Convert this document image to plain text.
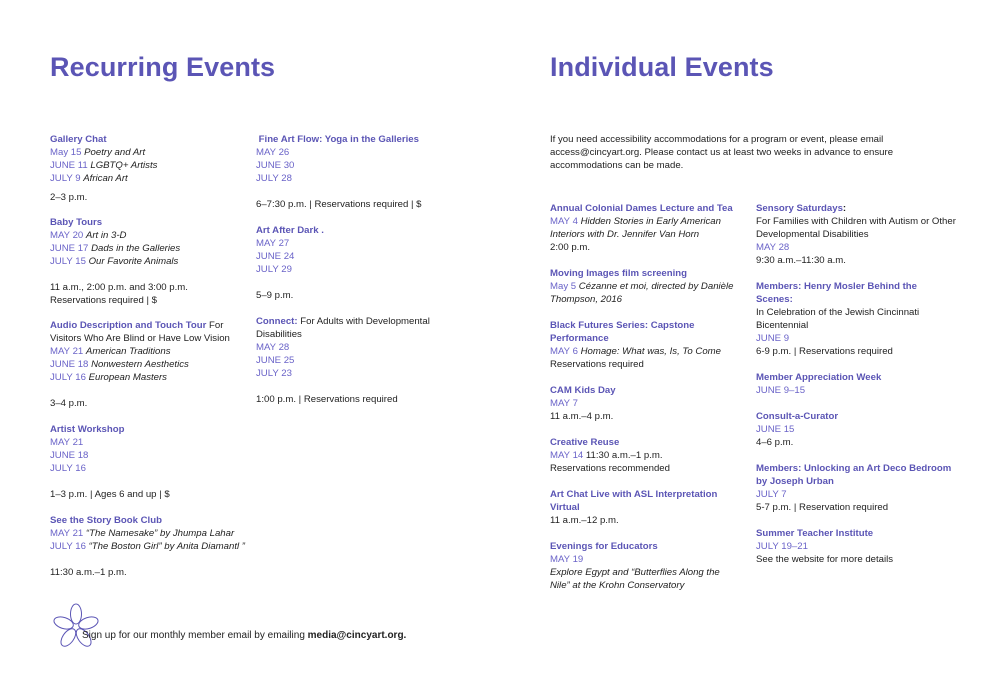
Recurring Events	Individual Events
Gallery Chat
May 15 Poetry and Art
JUNE 11 LGBTQ+ Artists
JULY 9 African Art
2–3 p.m.
Baby Tours
MAY 20 Art in 3-D
JUNE 17 Dads in the Galleries
JULY 15 Our Favorite Animals
11 a.m., 2:00 p.m. and 3:00 p.m.
Reservations required | $
Audio Description and Touch Tour For Visitors Who Are Blind or Have Low Vision
MAY 21 American Traditions
JUNE 18 Nonwestern Aesthetics
JULY 16 European Masters
3–4 p.m.
Artist Workshop
MAY 21
JUNE 18
JULY 16
1–3 p.m. | Ages 6 and up | $
See the Story Book Club
MAY 21 “The Namesake” by Jhumpa Lahar
JULY 16 “The Boston Girl” by Anita Diamantl ”
11:30 a.m.–1 p.m.
Fine Art Flow: Yoga in the Galleries
MAY 26
JUNE 30
JULY 28
6–7:30 p.m. | Reservations required | $
Art After Dark .
MAY 27
JUNE 24
JULY 29
5–9 p.m.
Connect: For Adults with Developmental Disabilities
MAY 28
JUNE 25
JULY 23
1:00 p.m. | Reservations required

If you need accessibility accommodations for a program or event, please email access@cincyart.org. Please contact us at least two weeks in advance to ensure accommodations can be made.

Annual Colonial Dames Lecture and Tea
MAY 4 Hidden Stories in Early American Interiors with Dr. Jennifer Van Horn
2:00 p.m.
Moving Images film screening
May 5 Cézanne et moi, directed by Danièle Thompson, 2016
Black Futures Series: Capstone Performance
MAY 6 Homage: What was, Is, To Come
Reservations required
CAM Kids Day
MAY 7
11 a.m.–4 p.m.
Creative Reuse
MAY 14 11:30 a.m.–1 p.m.
Reservations recommended
Art Chat Live with ASL Interpretation Virtual
11 a.m.–12 p.m.
Evenings for Educators
MAY 19
Explore Egypt and “Butterflies Along the Nile” at the Krohn Conservatory
Sensory Saturdays:
For Families with Children with Autism or Other Developmental Disabilities
MAY 28
9:30 a.m.–11:30 a.m.
Members: Henry Mosler Behind the Scenes:
In Celebration of the Jewish Cincinnati Bicentennial
JUNE 9
6-9 p.m. | Reservations required
Member Appreciation Week
JUNE 9–15
Consult-a-Curator
JUNE 15
4–6 p.m.
Members: Unlocking an Art Deco Bedroom by Joseph Urban
JULY 7
5-7 p.m. | Reservation required
Summer Teacher Institute
JULY 19–21
See the website for more details
Sign up for our monthly member email by emailing media@cincyart.org.
